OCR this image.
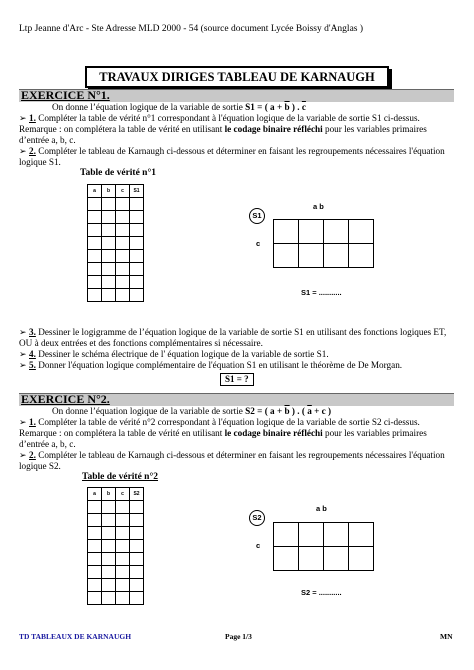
Ltp Jeanne d'Arc - Ste Adresse MLD 2000 - 54 (source document Lycée Boissy d'Anglas )
TRAVAUX DIRIGES TABLEAU DE KARNAUGH
EXERCICE N°1.
On donne l’équation logique de la variable de sortie S1 = ( $a + \overline{b}$ ) . $\overline{c}$
➢ 1. Compléter la table de vérité n°1 correspondant à l'équation logique de la variable de sortie S1 ci-dessus.
Remarque : on complétera la table de vérité en utilisant le codage binaire réfléchi pour les variables primaires d’entrée a, b, c.
➢ 2. Compléter le tableau de Karnaugh ci-dessous et déterminer en faisant les regroupements nécessaires l'équation logique S1.
Table de vérité n°1
a	b	c	S1

a b
S1
c

S1 = ...........
➢ 3. Dessiner le logigramme de l’équation logique de la variable de sortie S1 en utilisant des fonctions logiques ET, OU à deux entrées et des fonctions complémentaires si nécessaire.
➢ 4. Dessiner le schéma électrique de l' équation logique de la variable de sortie S1.
➢ 5. Donner l'équation logique complémentaire de l'équation S1 en utilisant le théorème de De Morgan.
S1 = ?
EXERCICE N°2.
On donne l’équation logique de la variable de sortie S2 = ( $a + \overline{b}$ ) . ( $\overline{a} + c$ )
➢ 1. Compléter la table de vérité n°2 correspondant à l'équation logique de la variable de sortie S2 ci-dessus.
Remarque : on complétera la table de vérité en utilisant le codage binaire réfléchi pour les variables primaires d’entrée a, b, c.
➢ 2. Compléter le tableau de Karnaugh ci-dessous et déterminer en faisant les regroupements nécessaires l'équation logique S2.
Table de vérité n°2
a	b	c	S2

a b
S2
c

S2 = ...........
TD TABLEAUX DE KARNAUGH	Page 1/3	MN
